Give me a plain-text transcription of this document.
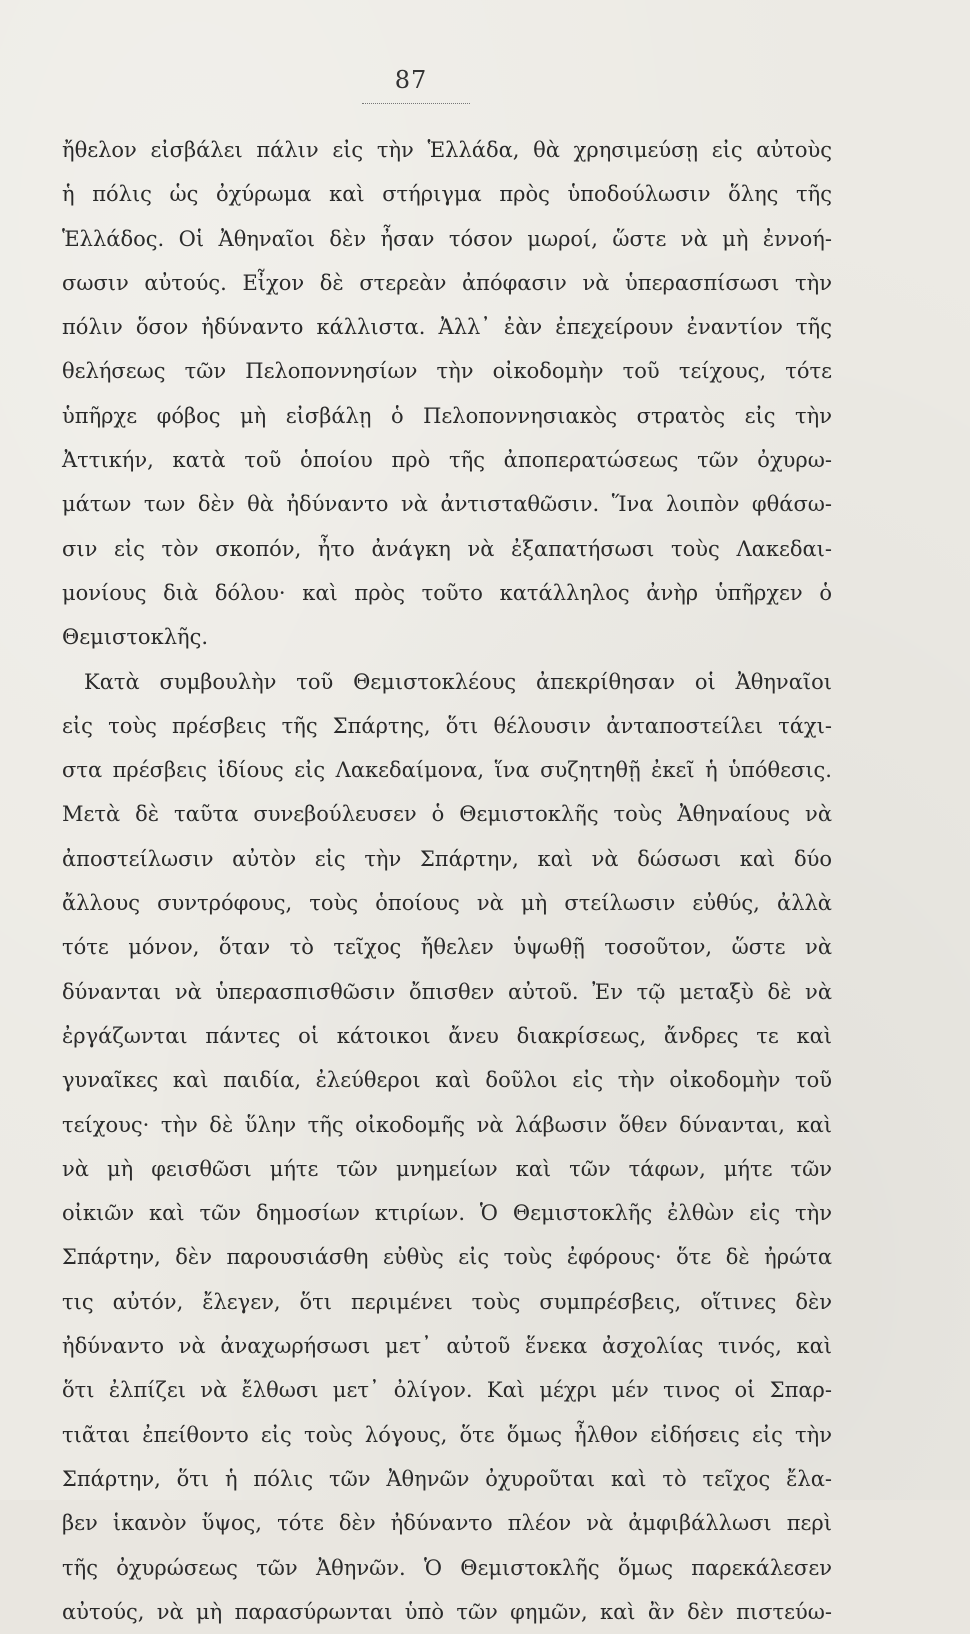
87
ἤθελον εἰσβάλει πάλιν εἰς τὴν Ἑλλάδα, θὰ χρησιμεύσῃ εἰς αὐτοὺς
ἡ πόλις ὡς ὀχύρωμα καὶ στήριγμα πρὸς ὑποδούλωσιν ὅλης τῆς
Ἑλλάδος. Οἱ Ἀθηναῖοι δὲν ἦσαν τόσον μωροί, ὥστε νὰ μὴ ἐννοή-
σωσιν αὐτούς. Εἶχον δὲ στερεὰν ἀπόφασιν νὰ ὑπερασπίσωσι τὴν
πόλιν ὅσον ἠδύναντο κάλλιστα. Ἀλλ᾽ ἐὰν ἐπεχείρουν ἐναντίον τῆς
θελήσεως τῶν Πελοποννησίων τὴν οἰκοδομὴν τοῦ τείχους, τότε
ὑπῆρχε φόβος μὴ εἰσβάλῃ ὁ Πελοποννησιακὸς στρατὸς εἰς τὴν
Ἀττικήν, κατὰ τοῦ ὁποίου πρὸ τῆς ἀποπερατώσεως τῶν ὀχυρω-
μάτων των δὲν θὰ ἠδύναντο νὰ ἀντισταθῶσιν. Ἵνα λοιπὸν φθάσω-
σιν εἰς τὸν σκοπόν, ἦτο ἀνάγκη νὰ ἐξαπατήσωσι τοὺς Λακεδαι-
μονίους διὰ δόλου· καὶ πρὸς τοῦτο κατάλληλος ἀνὴρ ὑπῆρχεν ὁ
Θεμιστοκλῆς.
Κατὰ συμβουλὴν τοῦ Θεμιστοκλέους ἀπεκρίθησαν οἱ Ἀθηναῖοι
εἰς τοὺς πρέσβεις τῆς Σπάρτης, ὅτι θέλουσιν ἀνταποστείλει τάχι-
στα πρέσβεις ἰδίους εἰς Λακεδαίμονα, ἵνα συζητηθῇ ἐκεῖ ἡ ὑπόθεσις.
Μετὰ δὲ ταῦτα συνεβούλευσεν ὁ Θεμιστοκλῆς τοὺς Ἀθηναίους νὰ
ἀποστείλωσιν αὐτὸν εἰς τὴν Σπάρτην, καὶ νὰ δώσωσι καὶ δύο
ἄλλους συντρόφους, τοὺς ὁποίους νὰ μὴ στείλωσιν εὐθύς, ἀλλὰ
τότε μόνον, ὅταν τὸ τεῖχος ἤθελεν ὑψωθῇ τοσοῦτον, ὥστε νὰ
δύνανται νὰ ὑπερασπισθῶσιν ὄπισθεν αὐτοῦ. Ἐν τῷ μεταξὺ δὲ νὰ
ἐργάζωνται πάντες οἱ κάτοικοι ἄνευ διακρίσεως, ἄνδρες τε καὶ
γυναῖκες καὶ παιδία, ἐλεύθεροι καὶ δοῦλοι εἰς τὴν οἰκοδομὴν τοῦ
τείχους· τὴν δὲ ὕλην τῆς οἰκοδομῆς νὰ λάβωσιν ὅθεν δύνανται, καὶ
νὰ μὴ φεισθῶσι μήτε τῶν μνημείων καὶ τῶν τάφων, μήτε τῶν
οἰκιῶν καὶ τῶν δημοσίων κτιρίων. Ὁ Θεμιστοκλῆς ἐλθὼν εἰς τὴν
Σπάρτην, δὲν παρουσιάσθη εὐθὺς εἰς τοὺς ἐφόρους· ὅτε δὲ ἠρώτα
τις αὐτόν, ἔλεγεν, ὅτι περιμένει τοὺς συμπρέσβεις, οἵτινες δὲν
ἠδύναντο νὰ ἀναχωρήσωσι μετ᾽ αὐτοῦ ἕνεκα ἀσχολίας τινός, καὶ
ὅτι ἐλπίζει νὰ ἔλθωσι μετ᾽ ὀλίγον. Καὶ μέχρι μέν τινος οἱ Σπαρ-
τιᾶται ἐπείθοντο εἰς τοὺς λόγους, ὅτε ὅμως ἦλθον εἰδήσεις εἰς τὴν
Σπάρτην, ὅτι ἡ πόλις τῶν Ἀθηνῶν ὀχυροῦται καὶ τὸ τεῖχος ἔλα-
βεν ἱκανὸν ὕψος, τότε δὲν ἠδύναντο πλέον νὰ ἀμφιβάλλωσι περὶ
τῆς ὀχυρώσεως τῶν Ἀθηνῶν. Ὁ Θεμιστοκλῆς ὅμως παρεκάλεσεν
αὐτούς, νὰ μὴ παρασύρωνται ὑπὸ τῶν φημῶν, καὶ ἂν δὲν πιστεύω-
